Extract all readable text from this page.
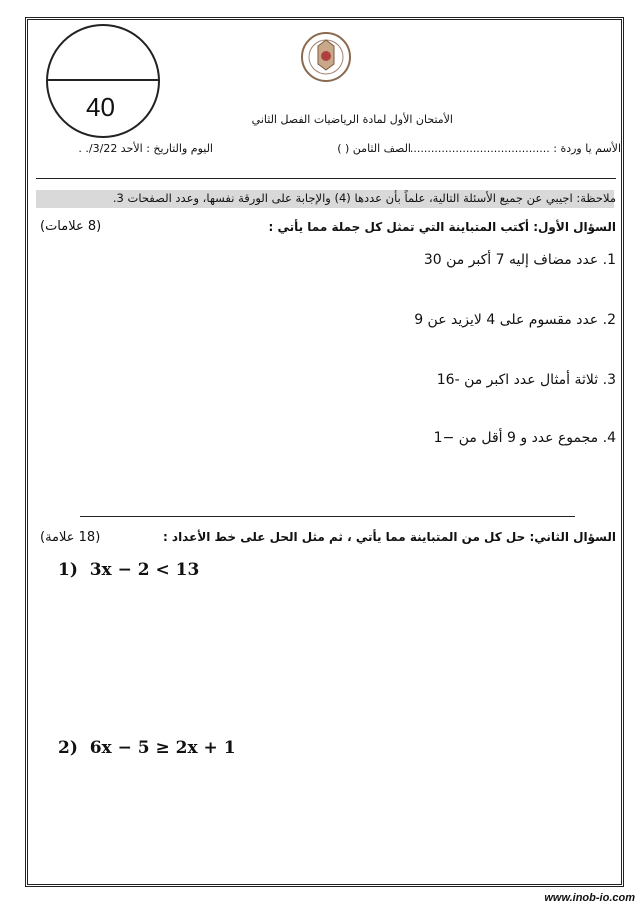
40	الأمتحان الأول لمادة الرياضيات الفصل الثاني
الأسم يا وردة : ........................................
الصف الثامن ( )
اليوم والتاريخ : الأحد 3/22/. .
ملاحظة: اجيبي عن جميع الأسئلة التالية، علماً بأن عددها (4) والإجابة على الورقة نفسها، وعدد الصفحات 3.
السؤال الأول: أكتب المتباينة التي تمثل كل جملة مما يأتي :
(8 علامات)
1. عدد مضاف إليه 7 أكبر من 30
2. عدد مقسوم على 4 لايزيد عن 9
3. ثلاثة أمثال عدد اكبر من -16
4. مجموع عدد و 9 أقل من −1
السؤال الثاني: حل كل من المتباينة مما يأتي ، ثم مثل الحل على خط الأعداد :
(18 علامة)
1) 3x − 2 < 13
2) 6x − 5 ≥ 2x + 1
www.inob-io.com
